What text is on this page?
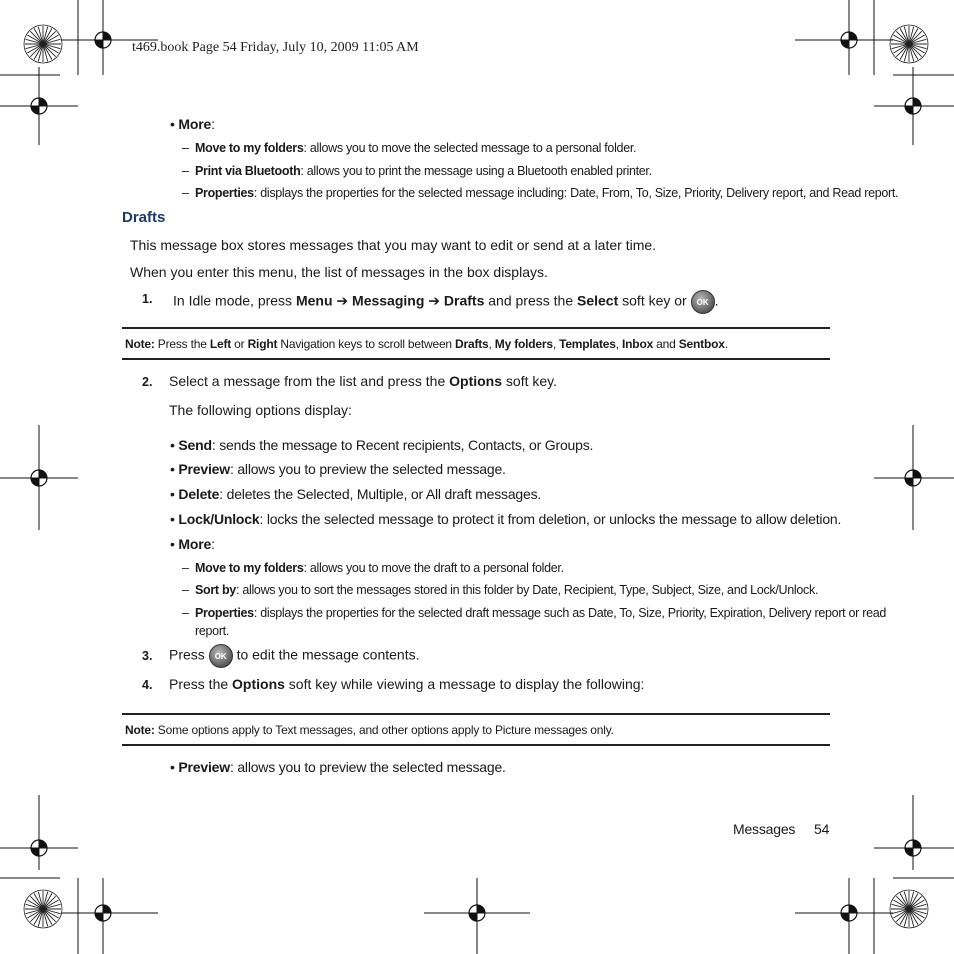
t469.book Page 54 Friday, July 10, 2009 11:05 AM
• More:
–  Move to my folders: allows you to move the selected message to a personal folder.
–  Print via Bluetooth: allows you to print the message using a Bluetooth enabled printer.
–  Properties: displays the properties for the selected message including: Date, From, To, Size, Priority, Delivery report, and Read report.
Drafts
This message box stores messages that you may want to edit or send at a later time.
When you enter this menu, the list of messages in the box displays.
1. In Idle mode, press Menu ➔ Messaging ➔ Drafts and press the Select soft key or OK .
Note: Press the Left or Right Navigation keys to scroll between Drafts, My folders, Templates, Inbox and Sentbox.
2. Select a message from the list and press the Options soft key.
The following options display:
• Send: sends the message to Recent recipients, Contacts, or Groups.
• Preview: allows you to preview the selected message.
• Delete: deletes the Selected, Multiple, or All draft messages.
• Lock/Unlock: locks the selected message to protect it from deletion, or unlocks the message to allow deletion.
• More:
–  Move to my folders: allows you to move the draft to a personal folder.
–  Sort by: allows you to sort the messages stored in this folder by Date, Recipient, Type, Subject, Size, and Lock/Unlock.
–  Properties: displays the properties for the selected draft message such as Date, To, Size, Priority, Expiration, Delivery report or read
report.
3. Press OK to edit the message contents.
4. Press the Options soft key while viewing a message to display the following:
Note: Some options apply to Text messages, and other options apply to Picture messages only.
• Preview: allows you to preview the selected message.
Messages 54
